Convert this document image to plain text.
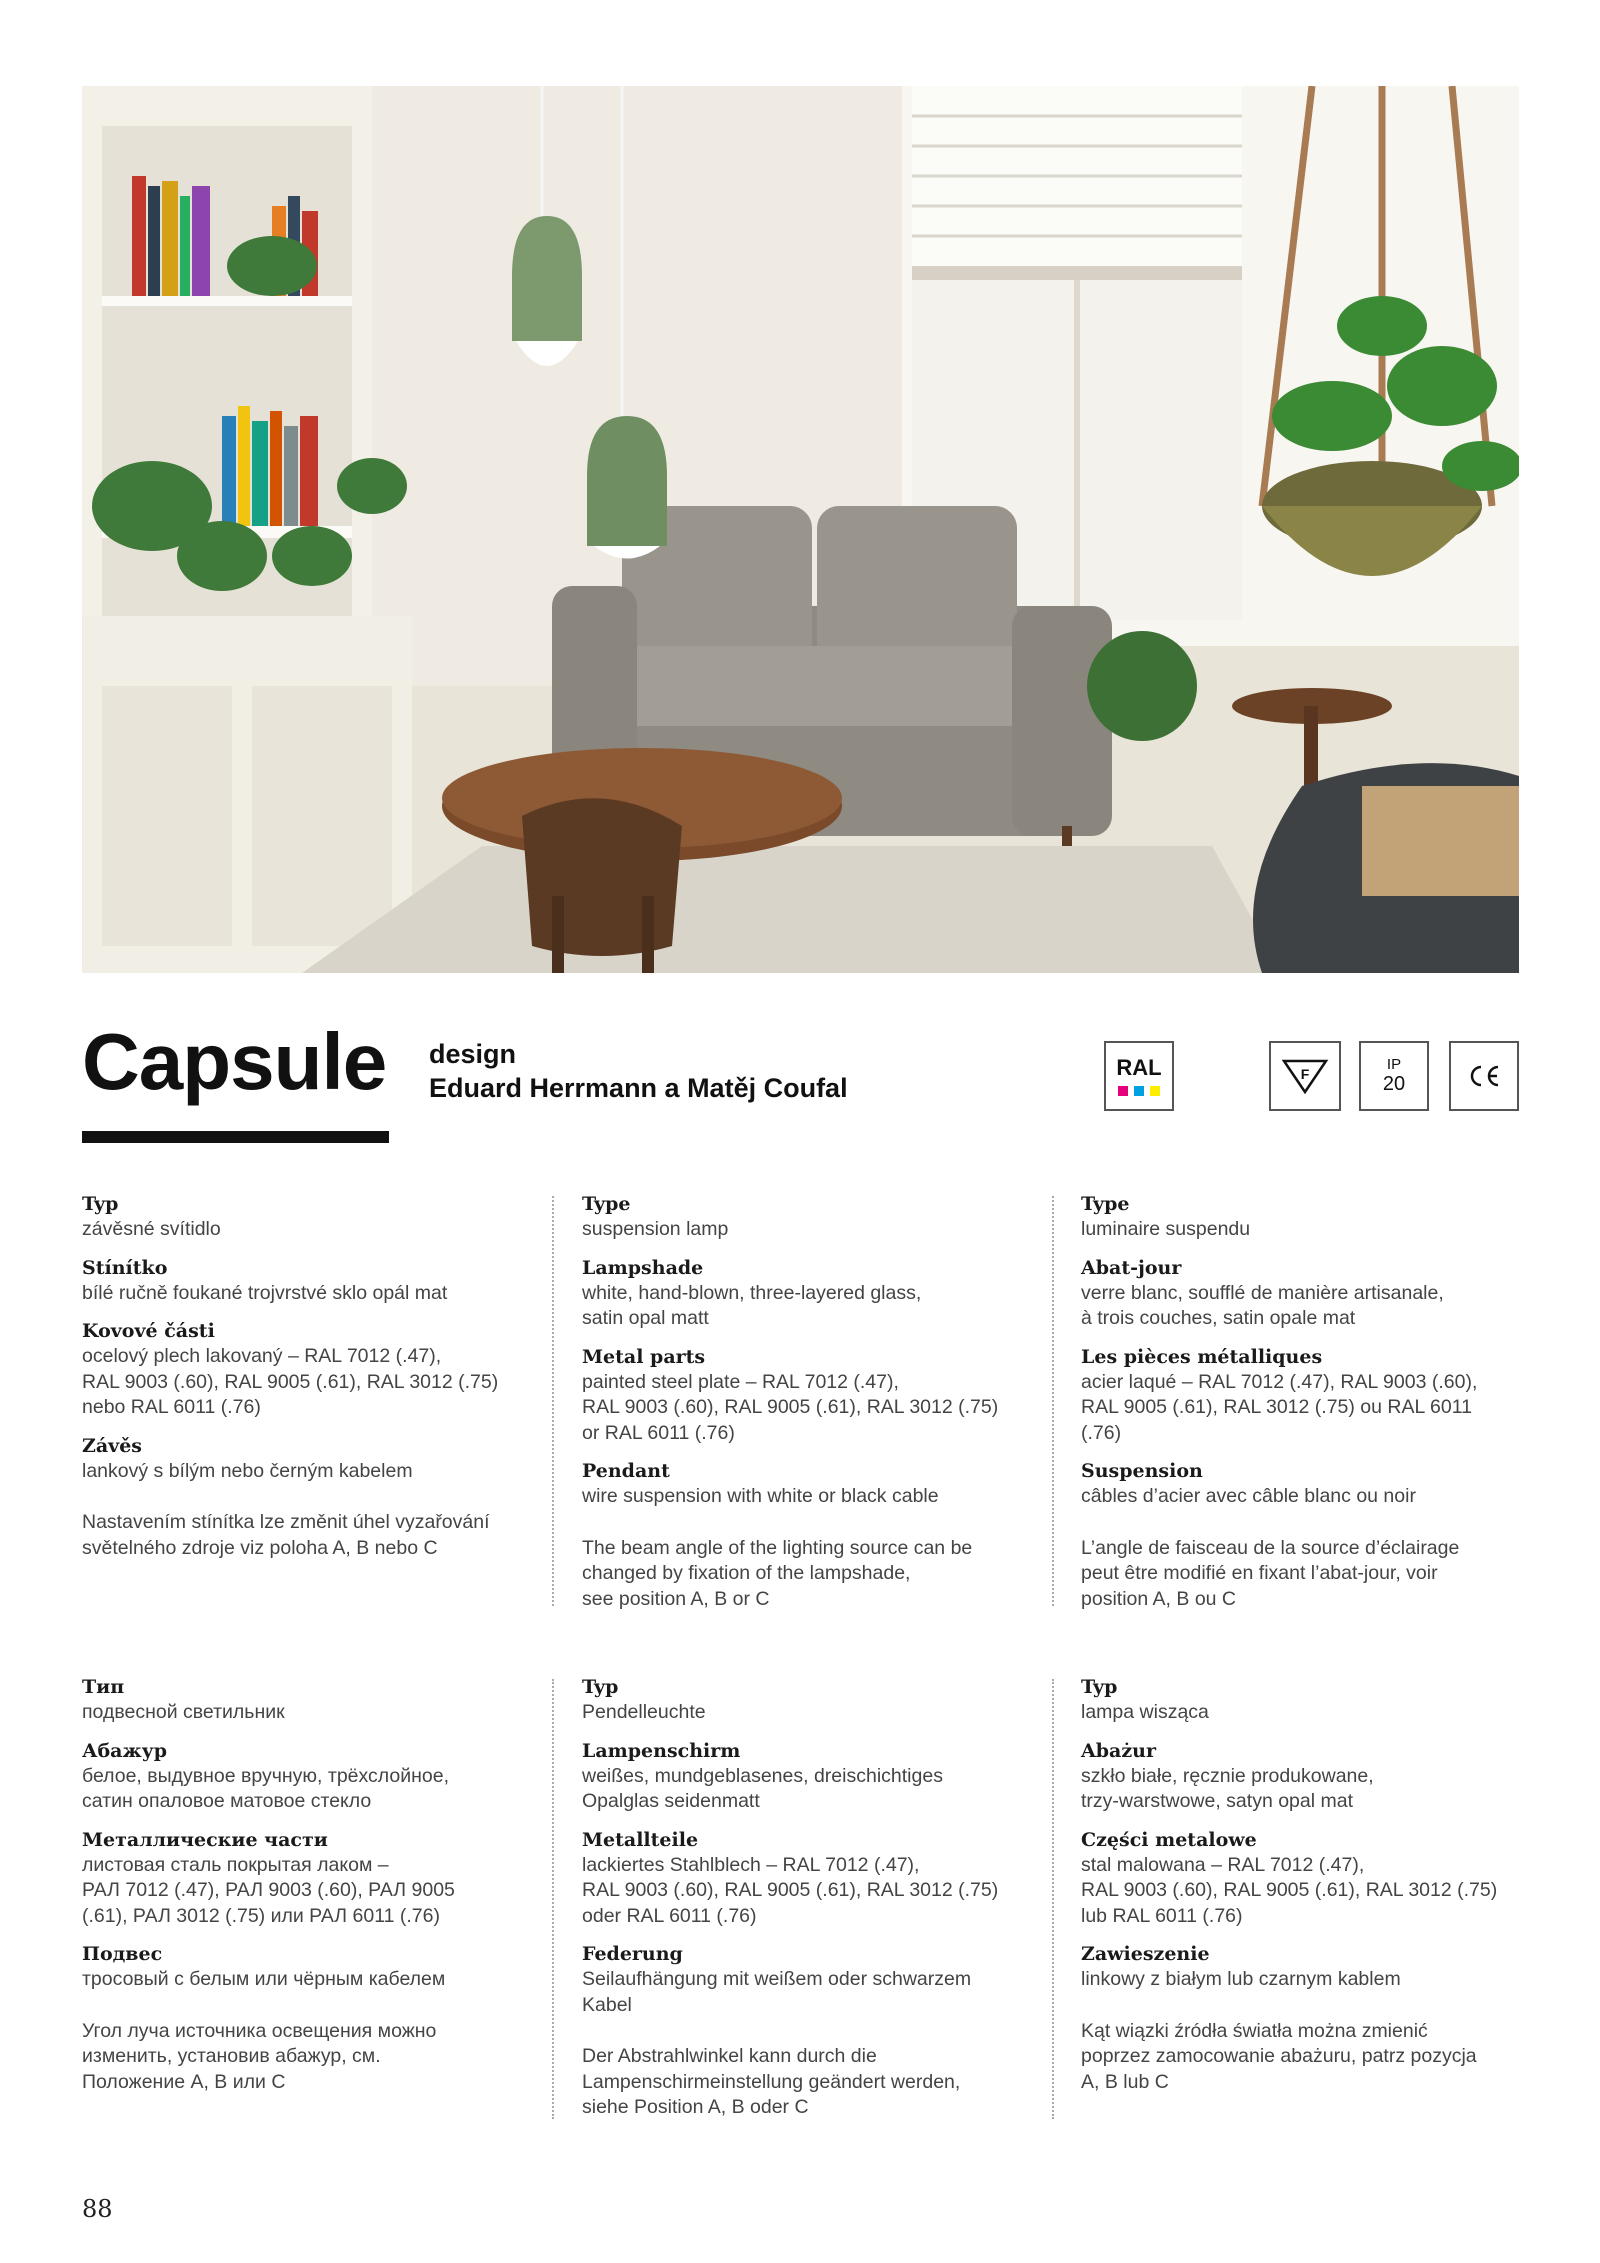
Capsule design
Eduard Herrmann a Matěj Coufal
RAL	F
IP
20
Typ
závěsné svítidlo
Stínítko
bílé ručně foukané trojvrstvé sklo opál mat
Kovové části
ocelový plech lakovaný – RAL 7012 (.47),
RAL 9003 (.60), RAL 9005 (.61), RAL 3012 (.75)
nebo RAL 6011 (.76)
Závěs
lankový s bílým nebo černým kabelem
Nastavením stínítka lze změnit úhel vyzařování
světelného zdroje viz poloha A, B nebo C
Type
suspension lamp
Lampshade
white, hand-blown, three-layered glass,
satin opal matt
Metal parts
painted steel plate – RAL 7012 (.47),
RAL 9003 (.60), RAL 9005 (.61), RAL 3012 (.75)
or RAL 6011 (.76)
Pendant
wire suspension with white or black cable
The beam angle of the lighting source can be
changed by fixation of the lampshade,
see position A, B or C
Type
luminaire suspendu
Abat-jour
verre blanc, soufflé de manière artisanale,
à trois couches, satin opale mat
Les pièces métalliques
acier laqué – RAL 7012 (.47), RAL 9003 (.60),
RAL 9005 (.61), RAL 3012 (.75) ou RAL 6011
(.76)
Suspension
câbles d’acier avec câble blanc ou noir
L’angle de faisceau de la source d’éclairage
peut être modifié en fixant l’abat-jour, voir
position A, B ou C
Тип
подвесной светильник
Абажур
белое, выдувное вручную, трёхслойное,
сатин опаловое матовое стекло
Металлические части
листовая сталь покрытая лаком –
РАЛ 7012 (.47), РАЛ 9003 (.60), РАЛ 9005
(.61), РАЛ 3012 (.75) или РАЛ 6011 (.76)
Подвес
тросовый с белым или чёрным кабелем
Угол луча источника освещения можно
изменить, установив абажур, см.
Положение A, B или C
Typ
Pendelleuchte
Lampenschirm
weißes, mundgeblasenes, dreischichtiges
Opalglas seidenmatt
Metallteile
lackiertes Stahlblech – RAL 7012 (.47),
RAL 9003 (.60), RAL 9005 (.61), RAL 3012 (.75)
oder RAL 6011 (.76)
Federung
Seilaufhängung mit weißem oder schwarzem
Kabel
Der Abstrahlwinkel kann durch die
Lampenschirmeinstellung geändert werden,
siehe Position A, B oder C
Typ
lampa wisząca
Abażur
szkło białe, ręcznie produkowane,
trzy-warstwowe, satyn opal mat
Części metalowe
stal malowana – RAL 7012 (.47),
RAL 9003 (.60), RAL 9005 (.61), RAL 3012 (.75)
lub RAL 6011 (.76)
Zawieszenie
linkowy z białym lub czarnym kablem
Kąt wiązki źródła światła można zmienić
poprzez zamocowanie abażuru, patrz pozycja
A, B lub C
88
